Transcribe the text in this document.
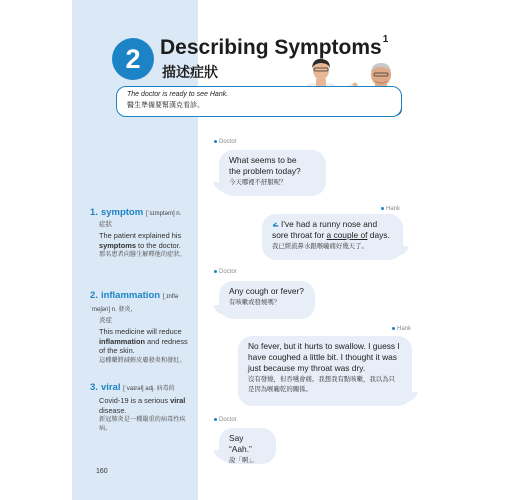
2 Describing Symptoms$^1$
描述症狀
The doctor is ready to see Hank.
醫生準備要幫漢克看診。
Doctor
What seems to be
the problem today?
今天哪裡不舒服呢？
Hank
I've had a runny nose and
sore throat for a couple of days.
我已經流鼻水跟喉嚨痛好幾天了。
Doctor
Any cough or fever?
有咳嗽或發燒嗎？
Hank
No fever, but it hurts to swallow. I guess I
have coughed a little bit. I thought it was
just because my throat was dry.
沒有發燒，但吞嚥會痛。我想我有點咳嗽，我以為只
是因為喉嚨乾的關係。
Doctor
Say “Aah.”
說「啊」。
1. symptom [ˈsɪmptəm] n.
症狀
The patient explained his symptoms to the doctor.
那名患者向醫生解釋他的症狀。
2. inflammation [ˌɪnfləˈmeʃən] n. 發炎，
炎症
This medicine will reduce inflammation and redness of the skin.
這種藥將減輕皮膚發炎和發紅。
3. viral [ˈvaɪrəl] adj. 病毒的
Covid-19 is a serious viral disease.
新冠肺炎是一種嚴重的病毒性疾病。
160
